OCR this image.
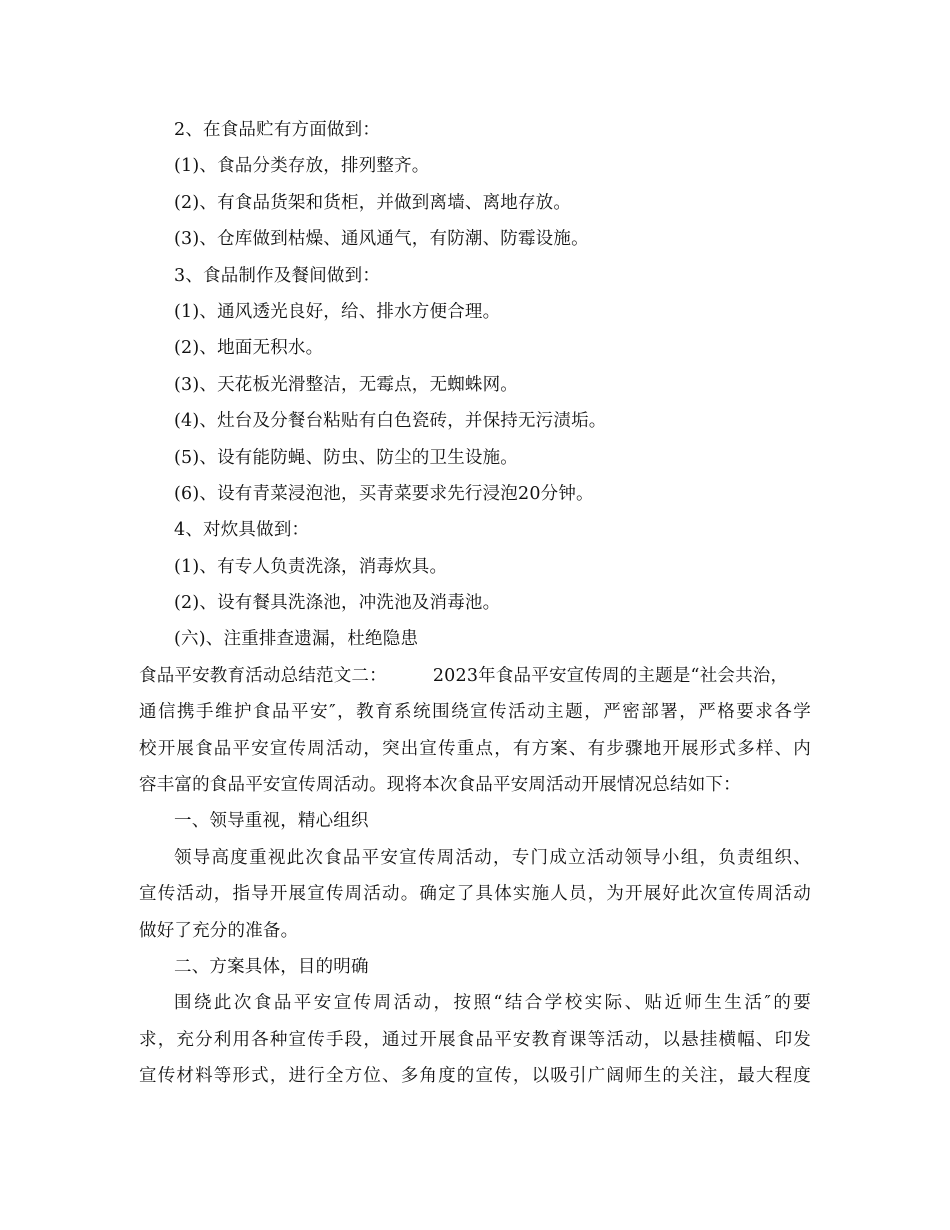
2、在食品贮有方面做到：
(1)、食品分类存放，排列整齐。
(2)、有食品货架和货柜，并做到离墙、离地存放。
(3)、仓库做到枯燥、通风通气，有防潮、防霉设施。
3、食品制作及餐间做到：
(1)、通风透光良好，给、排水方便合理。
(2)、地面无积水。
(3)、天花板光滑整洁，无霉点，无蜘蛛网。
(4)、灶台及分餐台粘贴有白色瓷砖，并保持无污渍垢。
(5)、设有能防蝇、防虫、防尘的卫生设施。
(6)、设有青菜浸泡池，买青菜要求先行浸泡20分钟。
4、对炊具做到：
(1)、有专人负责洗涤，消毒炊具。
(2)、设有餐具洗涤池，冲洗池及消毒池。
(六)、注重排查遗漏，杜绝隐患
食品平安教育活动总结范文二：	2023年食品平安宣传周的主题是“社会共治，
通信携手维护食品平安″，教育系统围绕宣传活动主题，严密部署，严格要求各学
校开展食品平安宣传周活动，突出宣传重点，有方案、有步骤地开展形式多样、内
容丰富的食品平安宣传周活动。现将本次食品平安周活动开展情况总结如下：
一、领导重视，精心组织
领导高度重视此次食品平安宣传周活动，专门成立活动领导小组，负责组织、
宣传活动，指导开展宣传周活动。确定了具体实施人员，为开展好此次宣传周活动
做好了充分的准备。
二、方案具体，目的明确
围绕此次食品平安宣传周活动，按照“结合学校实际、贴近师生生活″的要
求，充分利用各种宣传手段，通过开展食品平安教育课等活动，以悬挂横幅、印发
宣传材料等形式，进行全方位、多角度的宣传，以吸引广阔师生的关注，最大程度
